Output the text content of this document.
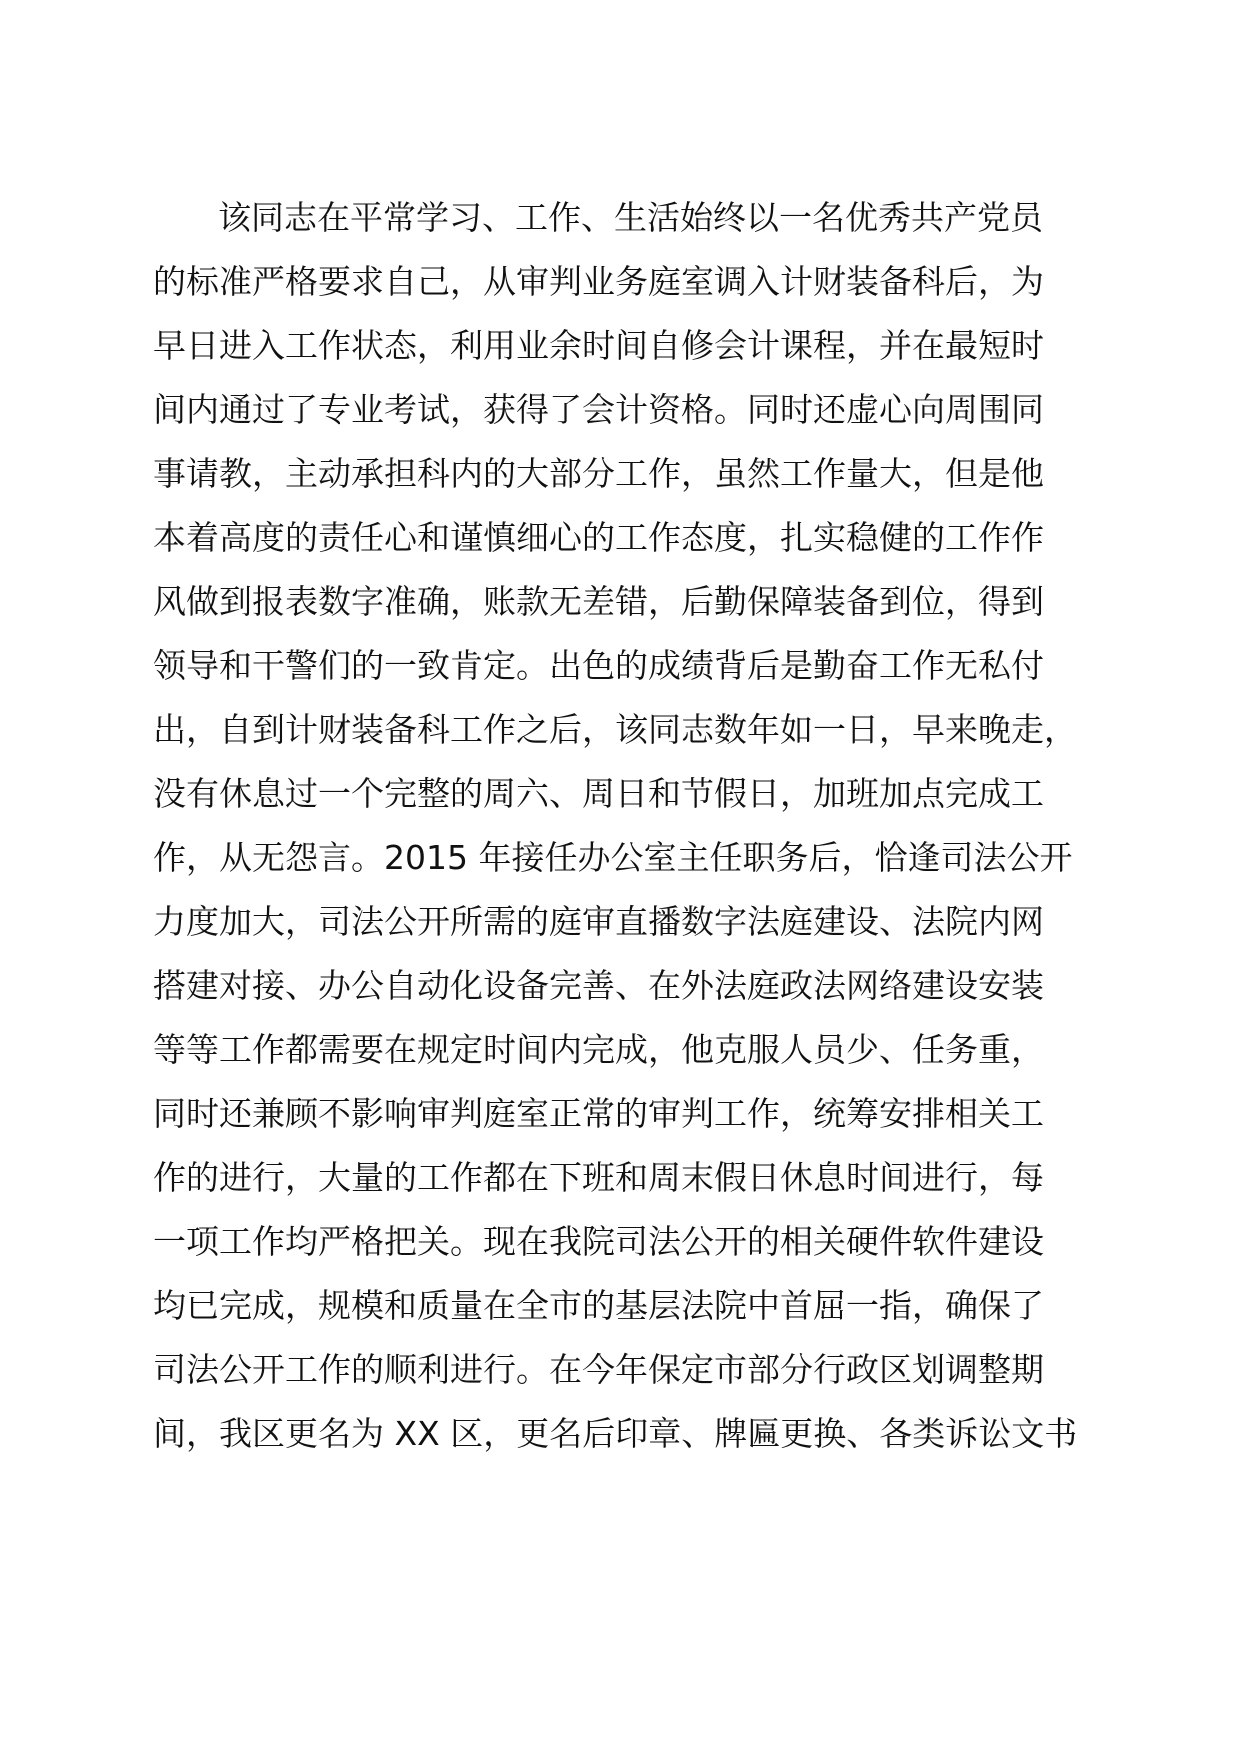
该同志在平常学习、工作、生活始终以一名优秀共产党员
的标准严格要求自己，从审判业务庭室调入计财装备科后，为
早日进入工作状态，利用业余时间自修会计课程，并在最短时
间内通过了专业考试，获得了会计资格。同时还虚心向周围同
事请教，主动承担科内的大部分工作，虽然工作量大，但是他
本着高度的责任心和谨慎细心的工作态度，扎实稳健的工作作
风做到报表数字准确，账款无差错，后勤保障装备到位，得到
领导和干警们的一致肯定。出色的成绩背后是勤奋工作无私付
出，自到计财装备科工作之后，该同志数年如一日，早来晚走，
没有休息过一个完整的周六、周日和节假日，加班加点完成工
作，从无怨言。2015 年接任办公室主任职务后，恰逢司法公开
力度加大，司法公开所需的庭审直播数字法庭建设、法院内网
搭建对接、办公自动化设备完善、在外法庭政法网络建设安装
等等工作都需要在规定时间内完成，他克服人员少、任务重，
同时还兼顾不影响审判庭室正常的审判工作，统筹安排相关工
作的进行，大量的工作都在下班和周末假日休息时间进行，每
一项工作均严格把关。现在我院司法公开的相关硬件软件建设
均已完成，规模和质量在全市的基层法院中首屈一指，确保了
司法公开工作的顺利进行。在今年保定市部分行政区划调整期
间，我区更名为 XX 区，更名后印章、牌匾更换、各类诉讼文书
